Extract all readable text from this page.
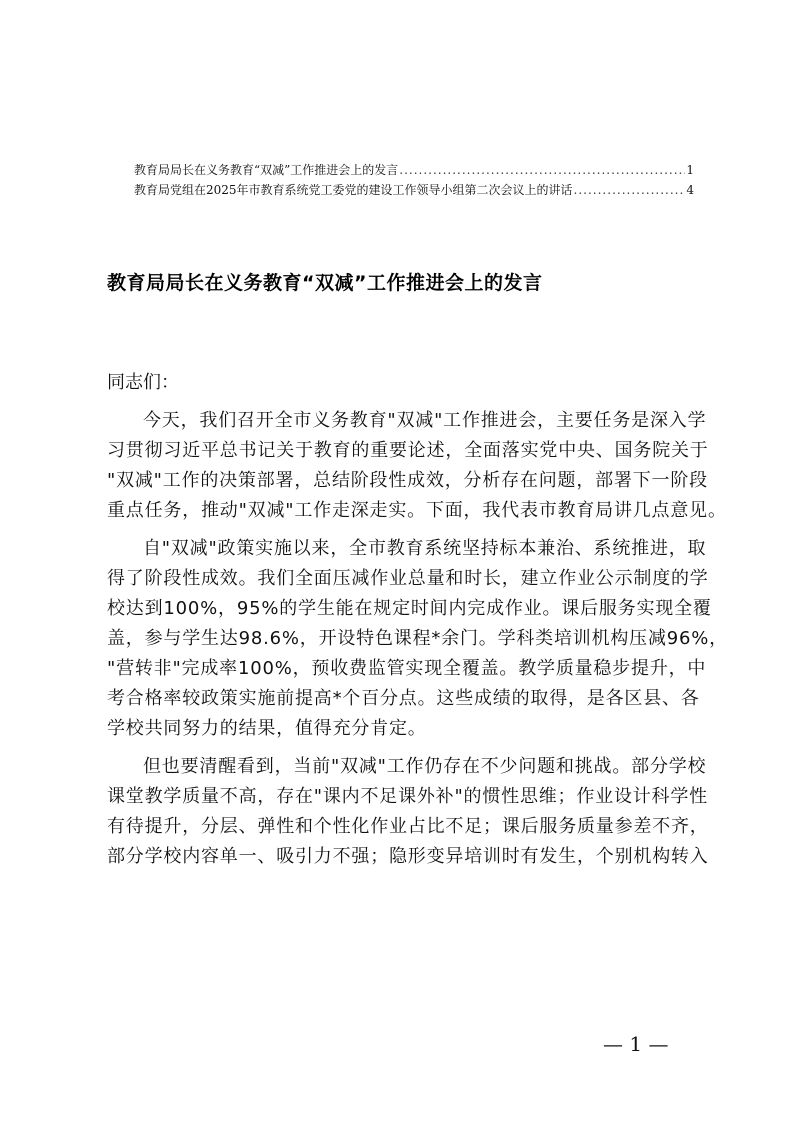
教育局局长在义务教育“双减”工作推进会上的发言 .....	1
教育局党组在2025年市教育系统党工委党的建设工作领导小组第二次会议上的讲话 .....	4
教育局局长在义务教育“双减”工作推进会上的发言
同志们：
今天，我们召开全市义务教育"双减"工作推进会，主要任务是深入学
习贯彻习近平总书记关于教育的重要论述，全面落实党中央、国务院关于
"双减"工作的决策部署，总结阶段性成效，分析存在问题，部署下一阶段
重点任务，推动"双减"工作走深走实。下面，我代表市教育局讲几点意见。
自"双减"政策实施以来，全市教育系统坚持标本兼治、系统推进，取
得了阶段性成效。我们全面压减作业总量和时长，建立作业公示制度的学
校达到100%，95%的学生能在规定时间内完成作业。课后服务实现全覆
盖，参与学生达98.6%，开设特色课程*余门。学科类培训机构压减96%，
"营转非"完成率100%，预收费监管实现全覆盖。教学质量稳步提升，中
考合格率较政策实施前提高*个百分点。这些成绩的取得，是各区县、各
学校共同努力的结果，值得充分肯定。
但也要清醒看到，当前"双减"工作仍存在不少问题和挑战。部分学校
课堂教学质量不高，存在"课内不足课外补"的惯性思维；作业设计科学性
有待提升，分层、弹性和个性化作业占比不足；课后服务质量参差不齐，
部分学校内容单一、吸引力不强；隐形变异培训时有发生，个别机构转入
— 1 —
